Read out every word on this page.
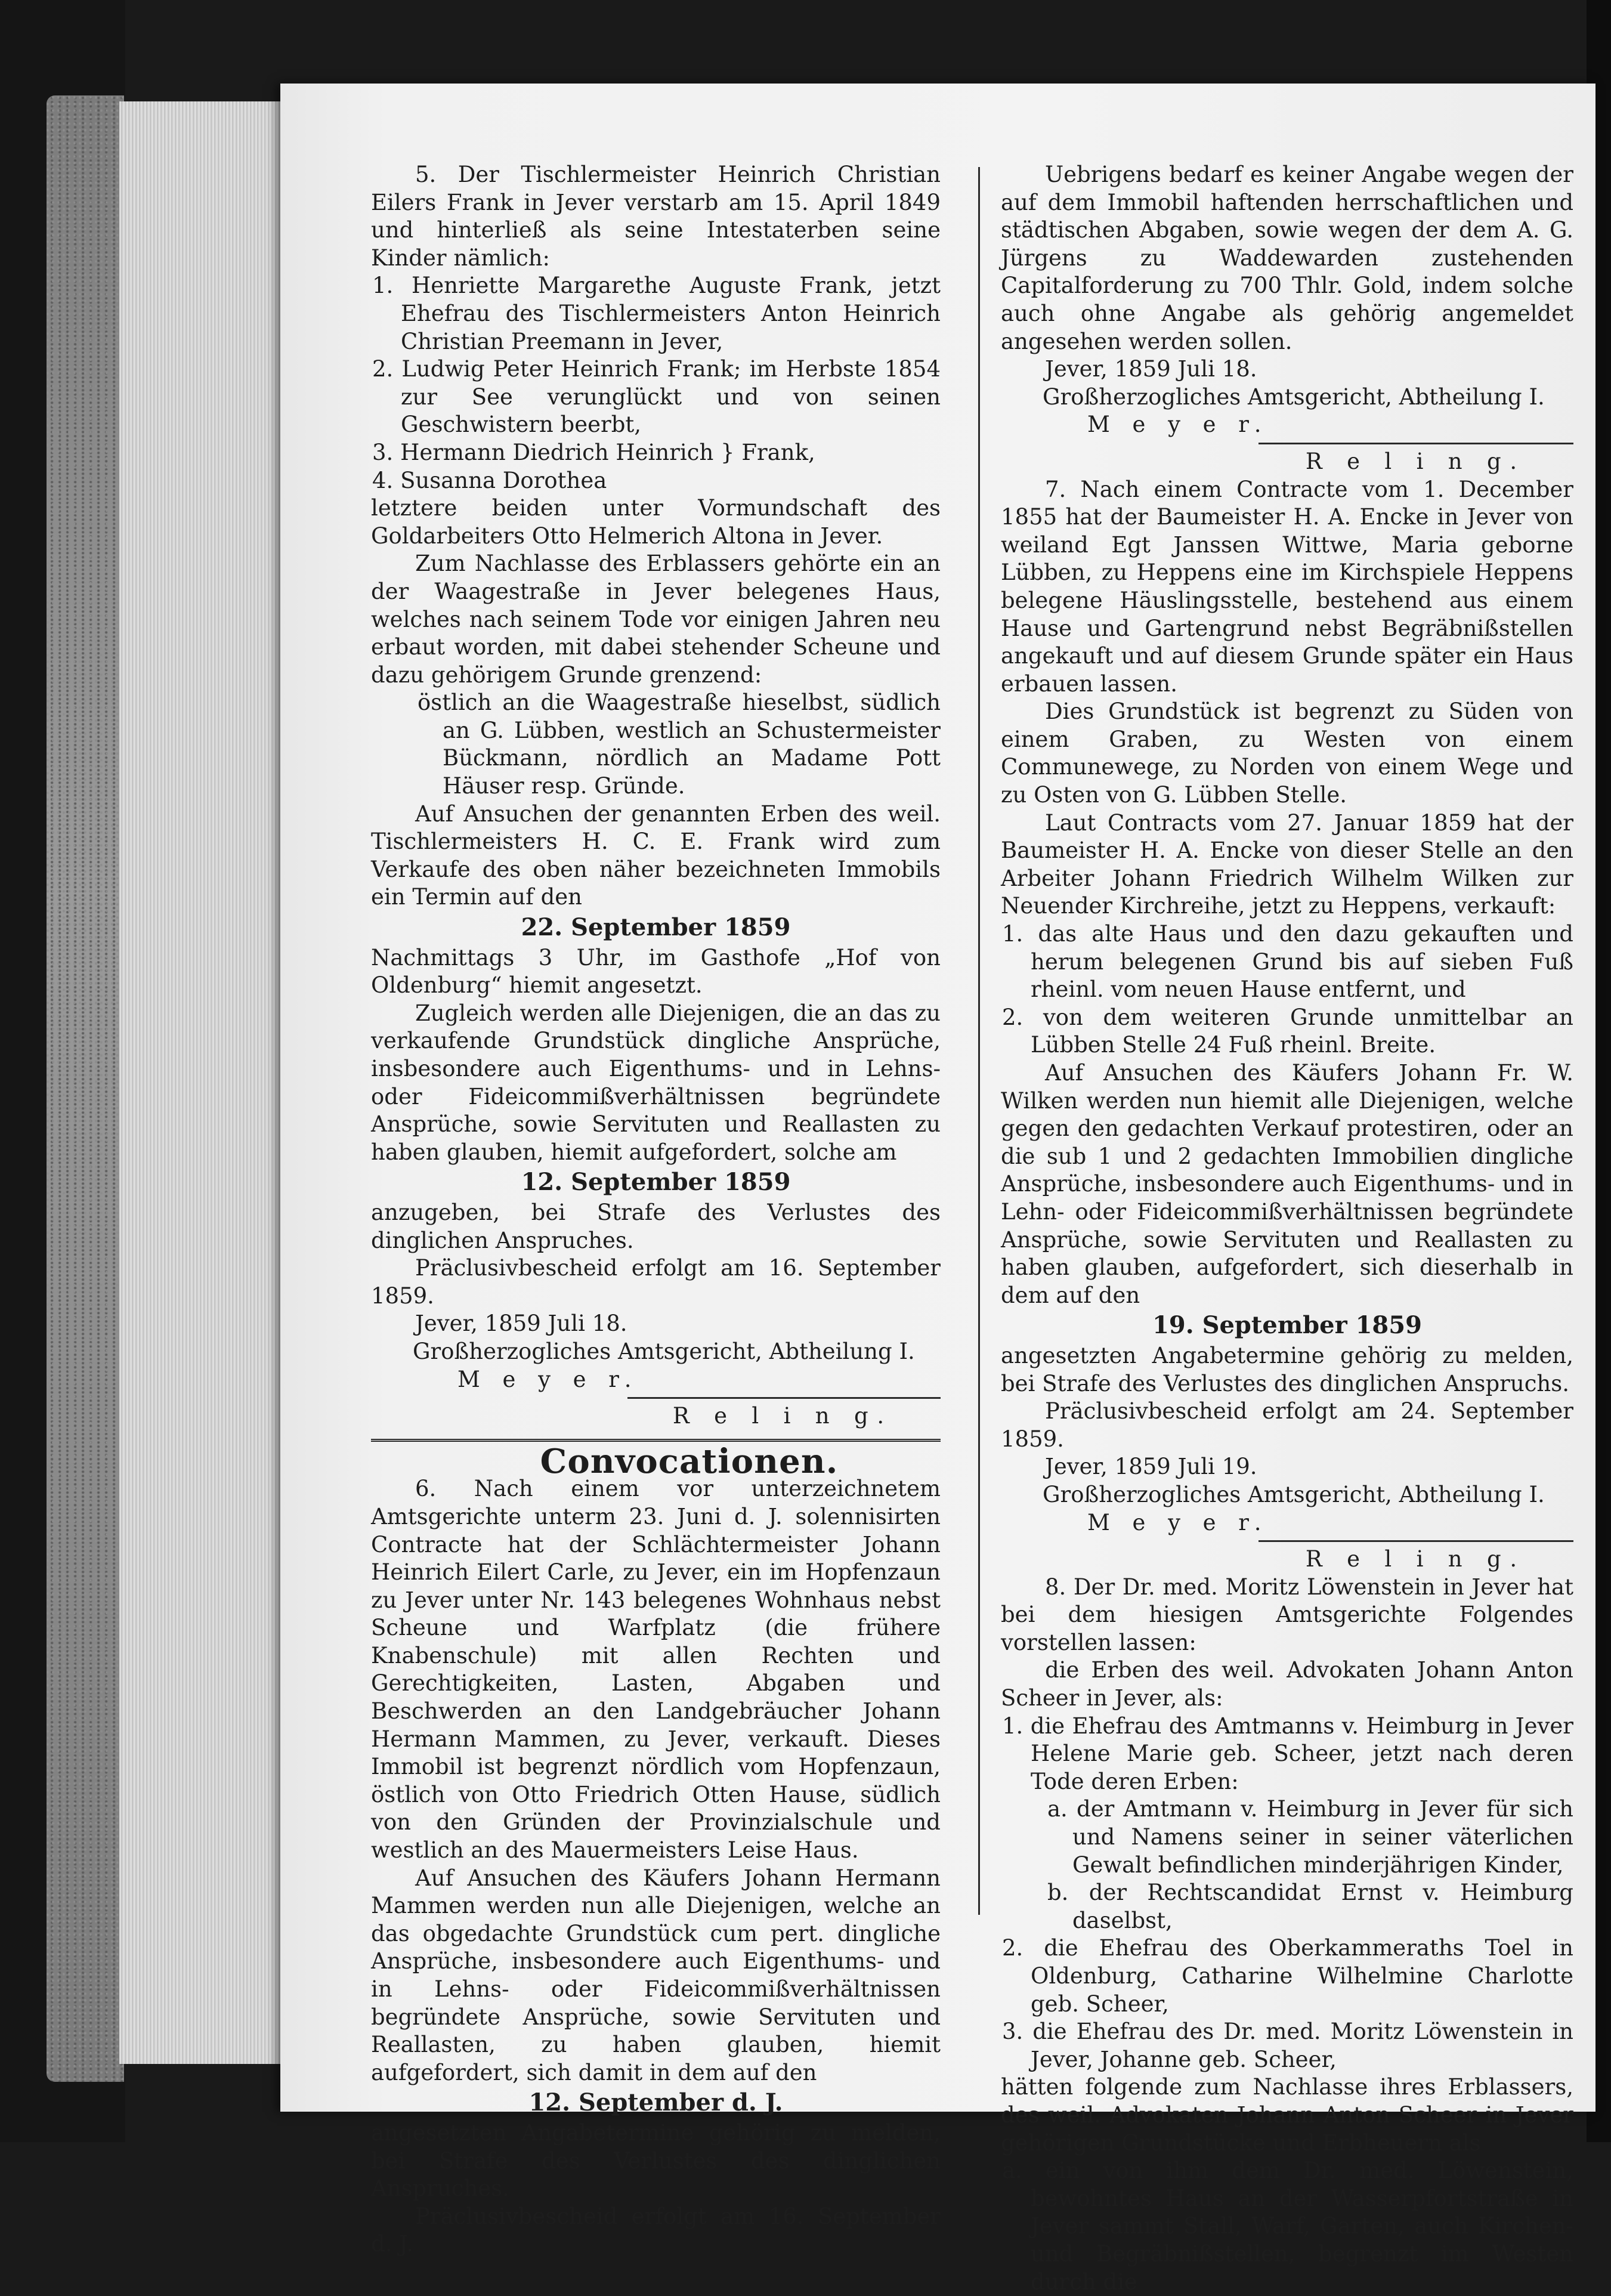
5. Der Tischlermeister Heinrich Christian Eilers Frank in Jever verstarb am 15. April 1849 und hinterließ als seine Intestaterben seine Kinder nämlich:

1. Henriette Margarethe Auguste Frank, jetzt Ehefrau des Tischlermeisters Anton Heinrich Christian Preemann in Jever,

2. Ludwig Peter Heinrich Frank; im Herbste 1854 zur See verunglückt und von seinen Geschwistern beerbt,

3. Hermann Diedrich Heinrich } Frank,

4. Susanna Dorothea

letztere beiden unter Vormundschaft des Goldarbeiters Otto Helmerich Altona in Jever.

Zum Nachlasse des Erblassers gehörte ein an der Waagestraße in Jever belegenes Haus, welches nach seinem Tode vor einigen Jahren neu erbaut worden, mit dabei stehender Scheune und dazu gehörigem Grunde grenzend:

östlich an die Waagestraße hieselbst, südlich an G. Lübben, westlich an Schustermeister Bückmann, nördlich an Madame Pott Häuser resp. Gründe.

Auf Ansuchen der genannten Erben des weil. Tischlermeisters H. C. E. Frank wird zum Verkaufe des oben näher bezeichneten Immobils ein Termin auf den

22. September 1859

Nachmittags 3 Uhr, im Gasthofe „Hof von Oldenburg“ hiemit angesetzt.

Zugleich werden alle Diejenigen, die an das zu verkaufende Grundstück dingliche Ansprüche, insbesondere auch Eigenthums- und in Lehns- oder Fideicommißverhältnissen begründete Ansprüche, sowie Servituten und Reallasten zu haben glauben, hiemit aufgefordert, solche am

12. September 1859

anzugeben, bei Strafe des Verlustes des dinglichen Anspruches.

Präclusivbescheid erfolgt am 16. September 1859.

Jever, 1859 Juli 18.

Großherzogliches Amtsgericht, Abtheilung I.

M e y e r.

R e l i n g.

Convocationen.

6. Nach einem vor unterzeichnetem Amtsgerichte unterm 23. Juni d. J. solennisirten Contracte hat der Schlächtermeister Johann Heinrich Eilert Carle, zu Jever, ein im Hopfenzaun zu Jever unter Nr. 143 belegenes Wohnhaus nebst Scheune und Warfplatz (die frühere Knabenschule) mit allen Rechten und Gerechtigkeiten, Lasten, Abgaben und Beschwerden an den Landgebräucher Johann Hermann Mammen, zu Jever, verkauft. Dieses Immobil ist begrenzt nördlich vom Hopfenzaun, östlich von Otto Friedrich Otten Hause, südlich von den Gründen der Provinzialschule und westlich an des Mauermeisters Leise Haus.

Auf Ansuchen des Käufers Johann Hermann Mammen werden nun alle Diejenigen, welche an das obgedachte Grundstück cum pert. dingliche Ansprüche, insbesondere auch Eigenthums- und in Lehns- oder Fideicommißverhältnissen begründete Ansprüche, sowie Servituten und Reallasten, zu haben glauben, hiemit aufgefordert, sich damit in dem auf den

12. September d. J.

angesetzten Angabetermine gehörig zu melden, bei Strafe des Verlustes des dinglichen Anspruches.

Präclusivbescheid erfolgt am 16. September d. J.

Uebrigens bedarf es keiner Angabe wegen der auf dem Immobil haftenden herrschaftlichen und städtischen Abgaben, sowie wegen der dem A. G. Jürgens zu Waddewarden zustehenden Capitalforderung zu 700 Thlr. Gold, indem solche auch ohne Angabe als gehörig angemeldet angesehen werden sollen.

Jever, 1859 Juli 18.

Großherzogliches Amtsgericht, Abtheilung I.

M e y e r.

R e l i n g.

7. Nach einem Contracte vom 1. December 1855 hat der Baumeister H. A. Encke in Jever von weiland Egt Janssen Wittwe, Maria geborne Lübben, zu Heppens eine im Kirchspiele Heppens belegene Häuslingsstelle, bestehend aus einem Hause und Gartengrund nebst Begräbnißstellen angekauft und auf diesem Grunde später ein Haus erbauen lassen.

Dies Grundstück ist begrenzt zu Süden von einem Graben, zu Westen von einem Communewege, zu Norden von einem Wege und zu Osten von G. Lübben Stelle.

Laut Contracts vom 27. Januar 1859 hat der Baumeister H. A. Encke von dieser Stelle an den Arbeiter Johann Friedrich Wilhelm Wilken zur Neuender Kirchreihe, jetzt zu Heppens, verkauft:

1. das alte Haus und den dazu gekauften und herum belegenen Grund bis auf sieben Fuß rheinl. vom neuen Hause entfernt, und

2. von dem weiteren Grunde unmittelbar an Lübben Stelle 24 Fuß rheinl. Breite.

Auf Ansuchen des Käufers Johann Fr. W. Wilken werden nun hiemit alle Diejenigen, welche gegen den gedachten Verkauf protestiren, oder an die sub 1 und 2 gedachten Immobilien dingliche Ansprüche, insbesondere auch Eigenthums- und in Lehn- oder Fideicommißverhältnissen begründete Ansprüche, sowie Servituten und Reallasten zu haben glauben, aufgefordert, sich dieserhalb in dem auf den

19. September 1859

angesetzten Angabetermine gehörig zu melden, bei Strafe des Verlustes des dinglichen Anspruchs.

Präclusivbescheid erfolgt am 24. September 1859.

Jever, 1859 Juli 19.

Großherzogliches Amtsgericht, Abtheilung I.

M e y e r.

R e l i n g.

8. Der Dr. med. Moritz Löwenstein in Jever hat bei dem hiesigen Amtsgerichte Folgendes vorstellen lassen:

die Erben des weil. Advokaten Johann Anton Scheer in Jever, als:

1. die Ehefrau des Amtmanns v. Heimburg in Jever Helene Marie geb. Scheer, jetzt nach deren Tode deren Erben:

a. der Amtmann v. Heimburg in Jever für sich und Namens seiner in seiner väterlichen Gewalt befindlichen minderjährigen Kinder,

b. der Rechtscandidat Ernst v. Heimburg daselbst,

2. die Ehefrau des Oberkammeraths Toel in Oldenburg, Catharine Wilhelmine Charlotte geb. Scheer,

3. die Ehefrau des Dr. med. Moritz Löwenstein in Jever, Johanne geb. Scheer,

hätten folgende zum Nachlasse ihres Erblassers, des weil. Advokaten Johann Anton Scheer in Jever gehörigen Grundstücke und Erbheuern als

a. ein von ihm dem Dr. med. Löwenstein, bewohntes Haus an der Wasserpfortstraße in Jever sammt Stall, Warf, Garten, auch Kirchen- und Begräbnißstellen, begrenzt im Westen durch die
